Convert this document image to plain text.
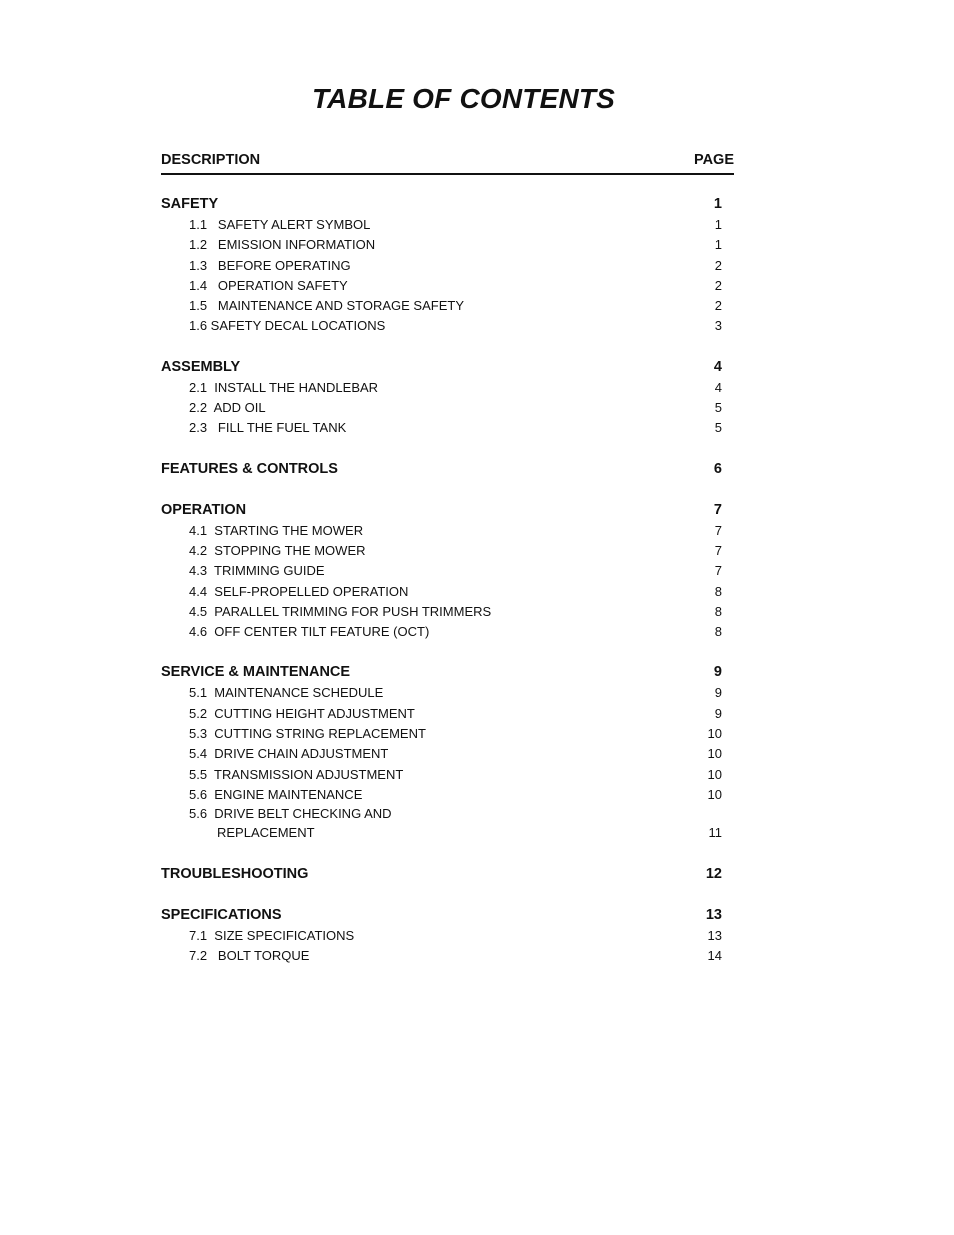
TABLE OF CONTENTS
DESCRIPTION	PAGE
SAFETY	1
1.1   SAFETY ALERT SYMBOL	1
1.2   EMISSION INFORMATION	1
1.3   BEFORE OPERATING	2
1.4   OPERATION SAFETY	2
1.5   MAINTENANCE AND STORAGE SAFETY	2
1.6 SAFETY DECAL LOCATIONS	3
ASSEMBLY	4
2.1  INSTALL THE HANDLEBAR	4
2.2  ADD OIL	5
2.3   FILL THE FUEL TANK	5
FEATURES & CONTROLS	6
OPERATION	7
4.1  STARTING THE MOWER	7
4.2  STOPPING THE MOWER	7
4.3  TRIMMING GUIDE	7
4.4  SELF-PROPELLED OPERATION	8
4.5  PARALLEL TRIMMING FOR PUSH TRIMMERS	8
4.6  OFF CENTER TILT FEATURE (OCT)	8
SERVICE & MAINTENANCE	9
5.1  MAINTENANCE SCHEDULE	9
5.2  CUTTING HEIGHT ADJUSTMENT	9
5.3  CUTTING STRING REPLACEMENT	10
5.4  DRIVE CHAIN ADJUSTMENT	10
5.5  TRANSMISSION ADJUSTMENT	10
5.6  ENGINE MAINTENANCE	10
5.6  DRIVE BELT CHECKING AND
REPLACEMENT	11
TROUBLESHOOTING	12
SPECIFICATIONS	13
7.1  SIZE SPECIFICATIONS	13
7.2   BOLT TORQUE	14
